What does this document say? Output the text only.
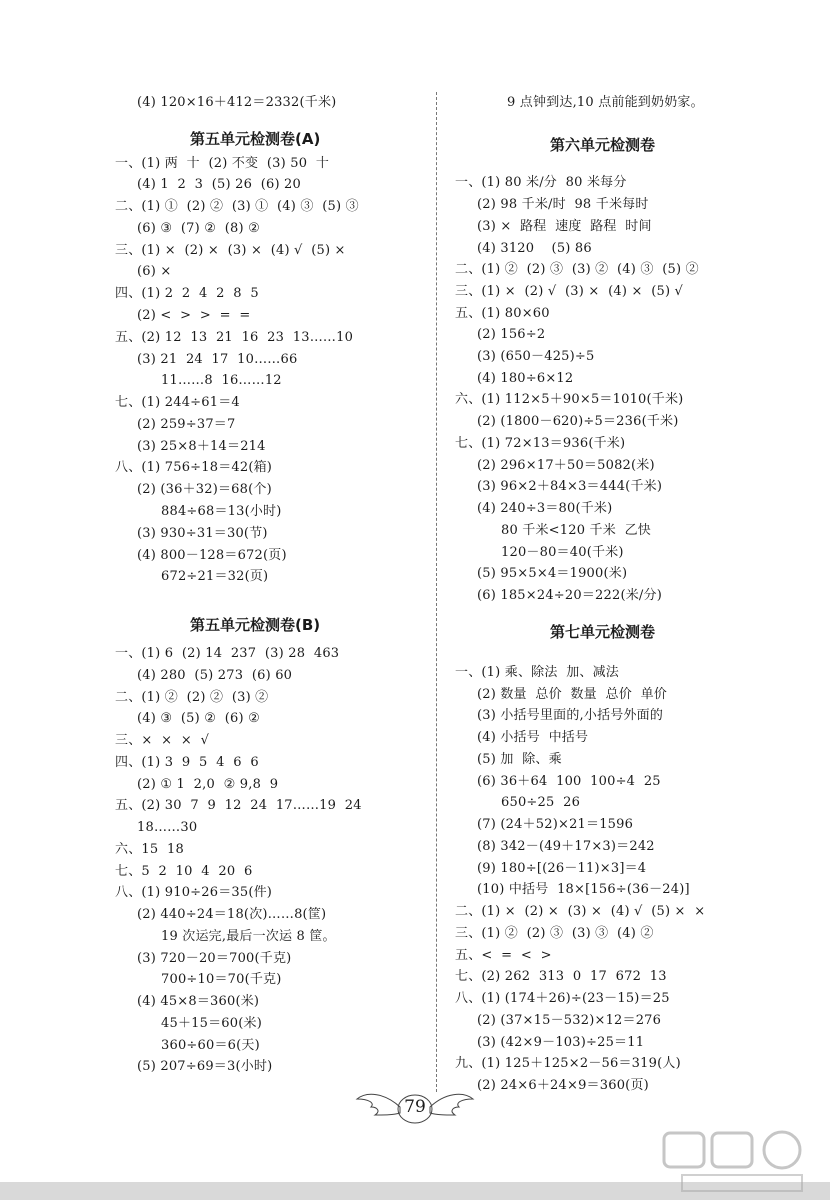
第五单元检测卷(A)
第五单元检测卷(B)
(4) 120×16＋412＝2332(千米)
一、(1) 两  十  (2) 不变  (3) 50  十
(4) 1  2  3  (5) 26  (6) 20
二、(1) ①  (2) ②  (3) ①  (4) ③  (5) ③
(6) ③  (7) ②  (8) ②
三、(1) ×  (2) ×  (3) ×  (4) √  (5) ×
(6) ×
四、(1) 2  2  4  2  8  5
(2) <  >  >  =  =
五、(2) 12  13  21  16  23  13……10
(3) 21  24  17  10……66
11……8  16……12
七、(1) 244÷61＝4
(2) 259÷37＝7
(3) 25×8＋14＝214
八、(1) 756÷18＝42(箱)
(2) (36＋32)＝68(个)
884÷68＝13(小时)
(3) 930÷31＝30(节)
(4) 800－128＝672(页)
672÷21＝32(页)
一、(1) 6  (2) 14  237  (3) 28  463
(4) 280  (5) 273  (6) 60
二、(1) ②  (2) ②  (3) ②
(4) ③  (5) ②  (6) ②
三、×  ×  ×  √
四、(1) 3  9  5  4  6  6
(2) ① 1  2,0  ② 9,8  9
五、(2) 30  7  9  12  24  17……19  24
18……30
六、15  18
七、5  2  10  4  20  6
八、(1) 910÷26＝35(件)
(2) 440÷24＝18(次)……8(筐)
19 次运完,最后一次运 8 筐。
(3) 720－20＝700(千克)
700÷10＝70(千克)
(4) 45×8＝360(米)
45＋15＝60(米)
360÷60＝6(天)
(5) 207÷69＝3(小时)
第六单元检测卷
第七单元检测卷
9 点钟到达,10 点前能到奶奶家。
一、(1) 80 米/分  80 米每分
(2) 98 千米/时  98 千米每时
(3) ×  路程  速度  路程  时间
(4) 3120    (5) 86
二、(1) ②  (2) ③  (3) ②  (4) ③  (5) ②
三、(1) ×  (2) √  (3) ×  (4) ×  (5) √
五、(1) 80×60
(2) 156÷2
(3) (650－425)÷5
(4) 180÷6×12
六、(1) 112×5＋90×5＝1010(千米)
(2) (1800－620)÷5＝236(千米)
七、(1) 72×13＝936(千米)
(2) 296×17＋50＝5082(米)
(3) 96×2＋84×3＝444(千米)
(4) 240÷3＝80(千米)
80 千米<120 千米  乙快
120－80＝40(千米)
(5) 95×5×4＝1900(米)
(6) 185×24÷20＝222(米/分)
一、(1) 乘、除法  加、减法
(2) 数量  总价  数量  总价  单价
(3) 小括号里面的,小括号外面的
(4) 小括号  中括号
(5) 加  除、乘
(6) 36＋64  100  100÷4  25
650÷25  26
(7) (24＋52)×21＝1596
(8) 342－(49＋17×3)＝242
(9) 180÷[(26－11)×3]＝4
(10) 中括号  18×[156÷(36－24)]
二、(1) ×  (2) ×  (3) ×  (4) √  (5) ×  ×
三、(1) ②  (2) ③  (3) ③  (4) ②
五、<  =  <  >
七、(2) 262  313  0  17  672  13
八、(1) (174＋26)÷(23－15)＝25
(2) (37×15－532)×12＝276
(3) (42×9－103)÷25＝11
九、(1) 125＋125×2－56＝319(人)
(2) 24×6＋24×9＝360(页)
79
